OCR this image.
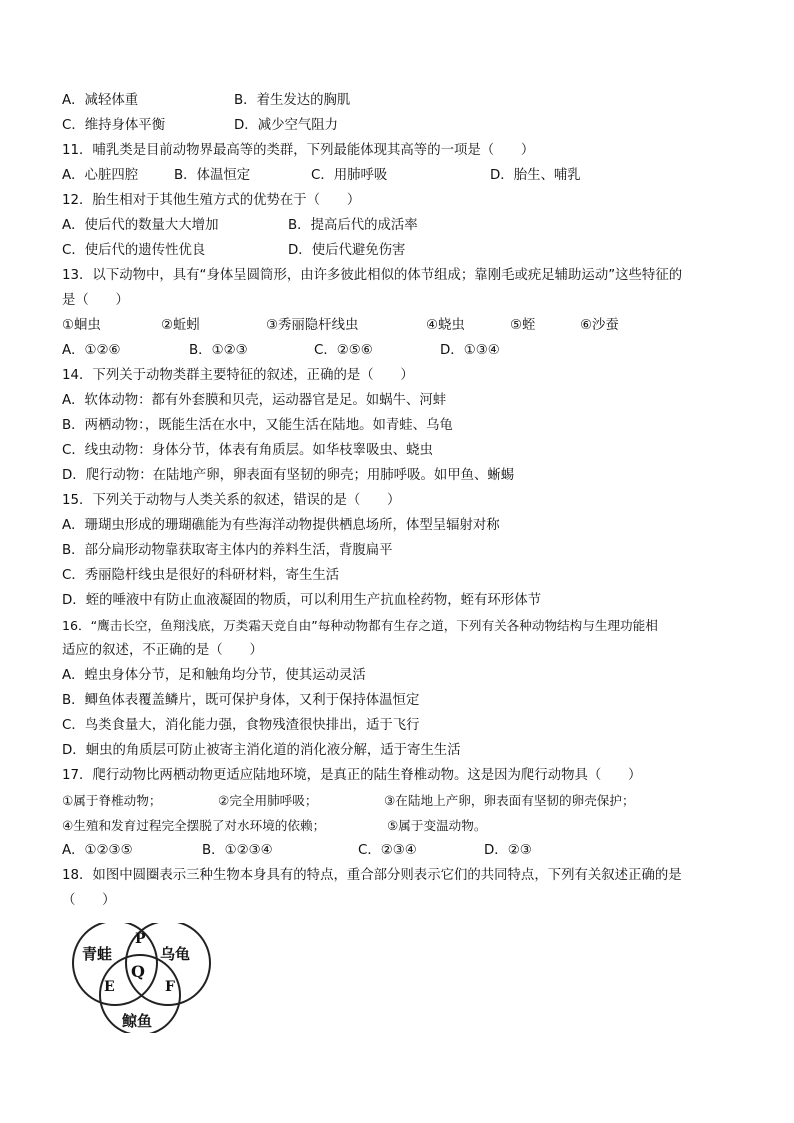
A．减轻体重	B．着生发达的胸肌
C．维持身体平衡	D．减少空气阻力
11．哺乳类是目前动物界最高等的类群，下列最能体现其高等的一项是（　　）
A．心脏四腔	B．体温恒定	C．用肺呼吸	D．胎生、哺乳
12．胎生相对于其他生殖方式的优势在于（　　）
A．使后代的数量大大增加	B．提高后代的成活率
C．使后代的遗传性优良	D．使后代避免伤害
13．以下动物中，具有“身体呈圆筒形，由许多彼此相似的体节组成；靠刚毛或疣足辅助运动”这些特征的
是（　　）
①蛔虫	②蚯蚓	③秀丽隐杆线虫	④蛲虫	⑤蛭	⑥沙蚕
A．①②⑥	B．①②③	C．②⑤⑥	D．①③④
14．下列关于动物类群主要特征的叙述，正确的是（　　）
A．软体动物：都有外套膜和贝壳，运动器官是足。如蜗牛、河蚌
B．两栖动物：，既能生活在水中，又能生活在陆地。如青蛙、乌龟
C．线虫动物：身体分节，体表有角质层。如华枝睾吸虫、蛲虫
D．爬行动物：在陆地产卵，卵表面有坚韧的卵壳；用肺呼吸。如甲鱼、蜥蜴
15．下列关于动物与人类关系的叙述，错误的是（　　）
A．珊瑚虫形成的珊瑚礁能为有些海洋动物提供栖息场所，体型呈辐射对称
B．部分扁形动物靠获取寄主体内的养料生活，背腹扁平
C．秀丽隐杆线虫是很好的科研材料，寄生生活
D．蛭的唾液中有防止血液凝固的物质，可以利用生产抗血栓药物，蛭有环形体节
16．“鹰击长空，鱼翔浅底，万类霜天竞自由”每种动物都有生存之道，下列有关各种动物结构与生理功能相
适应的叙述，不正确的是（　　）
A．蝗虫身体分节，足和触角均分节，使其运动灵活
B．鲫鱼体表覆盖鳞片，既可保护身体，又利于保持体温恒定
C．鸟类食量大，消化能力强，食物残渣很快排出，适于飞行
D．蛔虫的角质层可防止被寄主消化道的消化液分解，适于寄生生活
17．爬行动物比两栖动物更适应陆地环境，是真正的陆生脊椎动物。这是因为爬行动物具（　　）
①属于脊椎动物；	②完全用肺呼吸；	③在陆地上产卵，卵表面有坚韧的卵壳保护；
④生殖和发育过程完全摆脱了对水环境的依赖；	⑤属于变温动物。
A．①②③⑤	B．①②③④	C．②③④	D．②③
18．如图中圆圈表示三种生物本身具有的特点，重合部分则表示它们的共同特点，下列有关叙述正确的是
（　　）
青蛙	乌龟
鲸鱼
P
Q
E	F
